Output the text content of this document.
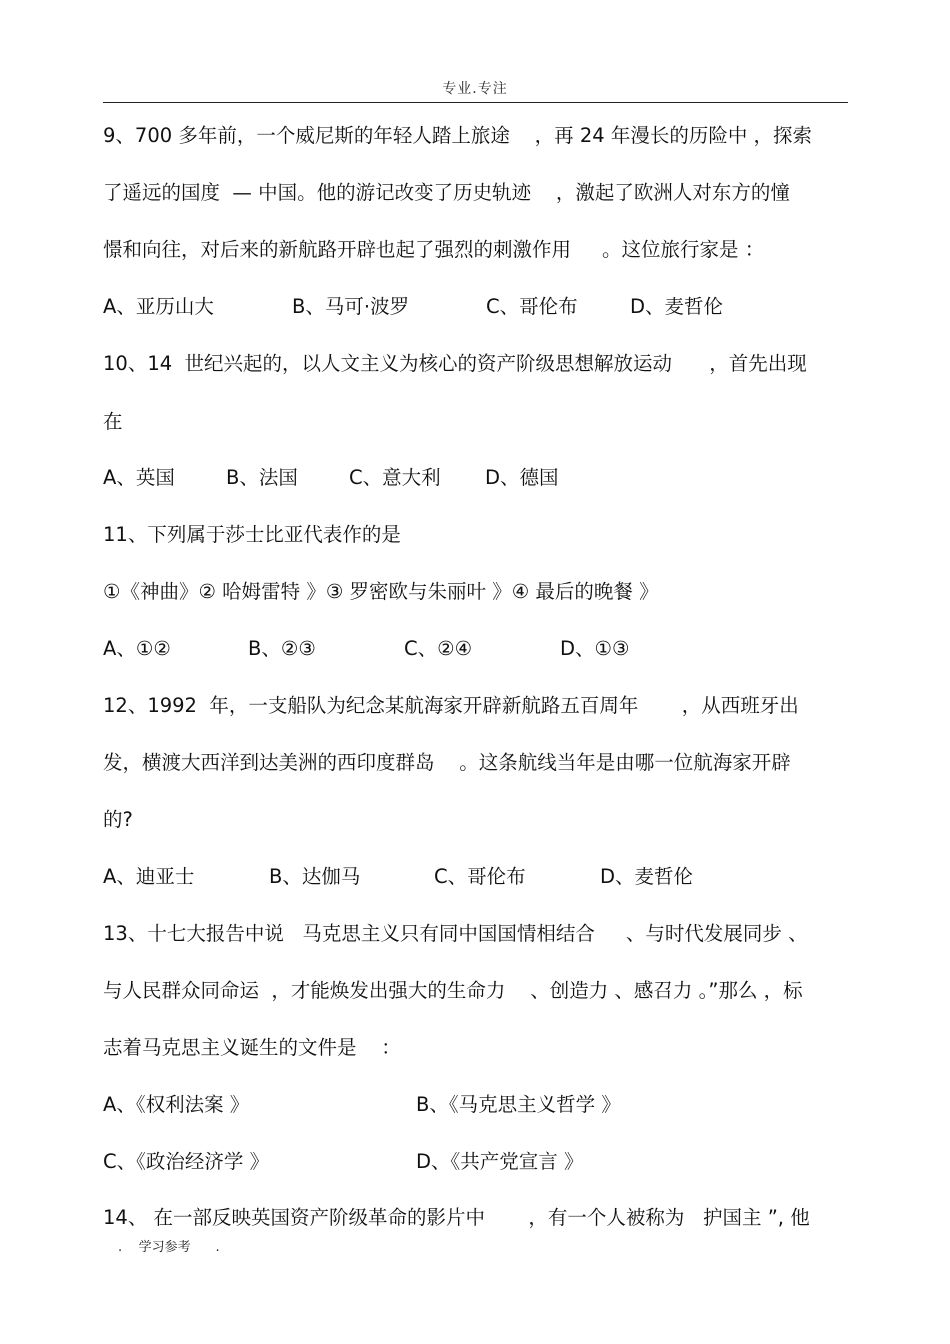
专业.专注
9、700 多年前，一个威尼斯的年轻人踏上旅途    ，再 24 年漫长的历险中 ，探索
了遥远的国度  — 中国。他的游记改变了历史轨迹    ，激起了欧洲人对东方的憧
憬和向往，对后来的新航路开辟也起了强烈的刺激作用     。这位旅行家是 ：
A、亚历山大	B、马可·波罗	C、哥伦布	D、麦哲伦
10、14  世纪兴起的，以人文主义为核心的资产阶级思想解放运动      ，首先出现
在
A、英国	B、法国	C、意大利 D、德国
11、下列属于莎士比亚代表作的是
①《神曲》② 哈姆雷特 》③ 罗密欧与朱丽叶 》④ 最后的晚餐 》
A、①②	B、②③	C、②④	D、①③
12、1992  年，一支船队为纪念某航海家开辟新航路五百周年       ，从西班牙出
发，横渡大西洋到达美洲的西印度群岛    。这条航线当年是由哪一位航海家开辟
的?
A、迪亚士	B、达伽马	C、哥伦布	D、麦哲伦
13、十七大报告中说   马克思主义只有同中国国情相结合     、与时代发展同步 、
与人民群众同命运  ，才能焕发出强大的生命力    、创造力 、感召力 。”那么 ，标
志着马克思主义诞生的文件是    ：
A、《权利法案 》	B、《马克思主义哲学 》
C、《政治经济学 》	D、《共产党宣言 》
14、 在一部反映英国资产阶级革命的影片中       ，有一个人被称为   护国主 ”, 他
.    学习参考      .
